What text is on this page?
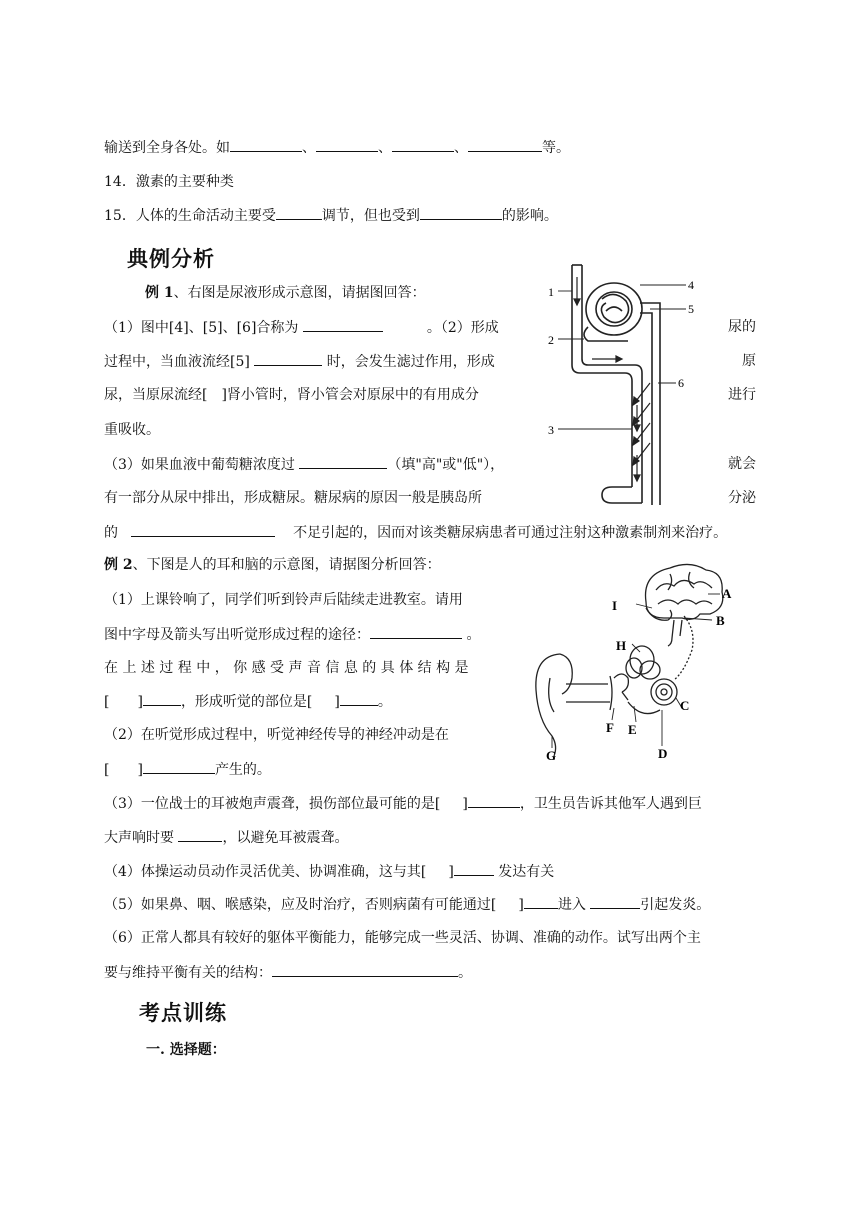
输送到全身各处。如	、	、	、	等。
14．激素的主要种类
15．人体的生命活动主要受	调节，但也受到	的影响。
典例分析
例 1、右图是尿液形成示意图，请据图回答：
（1）图中[4]、[5]、[6]合称为	。（2）形成	尿的
过程中，当血液流经[5]	时，会发生滤过作用，形成	原
尿，当原尿流经[ ]肾小管时，肾小管会对原尿中的有用成分	进行
重吸收。
（3）如果血液中葡萄糖浓度过	（填"高"或"低"），	就会
有一部分从尿中排出，形成糖尿。糖尿病的原因一般是胰岛所	分泌
的	不足引起的，因而对该类糖尿病患者可通过注射这种激素制剂来治疗。
1
2
3
4
5
6
例 2、下图是人的耳和脑的示意图，请据图分析回答：
（1）上课铃响了，同学们听到铃声后陆续走进教室。请用
图中字母及箭头写出听觉形成过程的途径：	。
在 上 述 过 程 中 ， 你 感 受 声 音 信 息 的 具 体 结 构 是
[ ]	，形成听觉的部位是[ ]	。
（2）在听觉形成过程中，听觉神经传导的神经冲动是在
[ ]	产生的。
（3）一位战士的耳被炮声震聋，损伤部位最可能的是[ ]	，卫生员告诉其他军人遇到巨
大声响时要	，以避免耳被震聋。
（4）体操运动员动作灵活优美、协调准确，这与其[ ]	发达有关
（5）如果鼻、咽、喉感染，应及时治疗，否则病菌有可能通过[ ] 进入	引起发炎。
（6）正常人都具有较好的躯体平衡能力，能够完成一些灵活、协调、准确的动作。试写出两个主
要与维持平衡有关的结构：	。
A
B
C
D
E
F
G
H
I
考点训练
一. 选择题：
